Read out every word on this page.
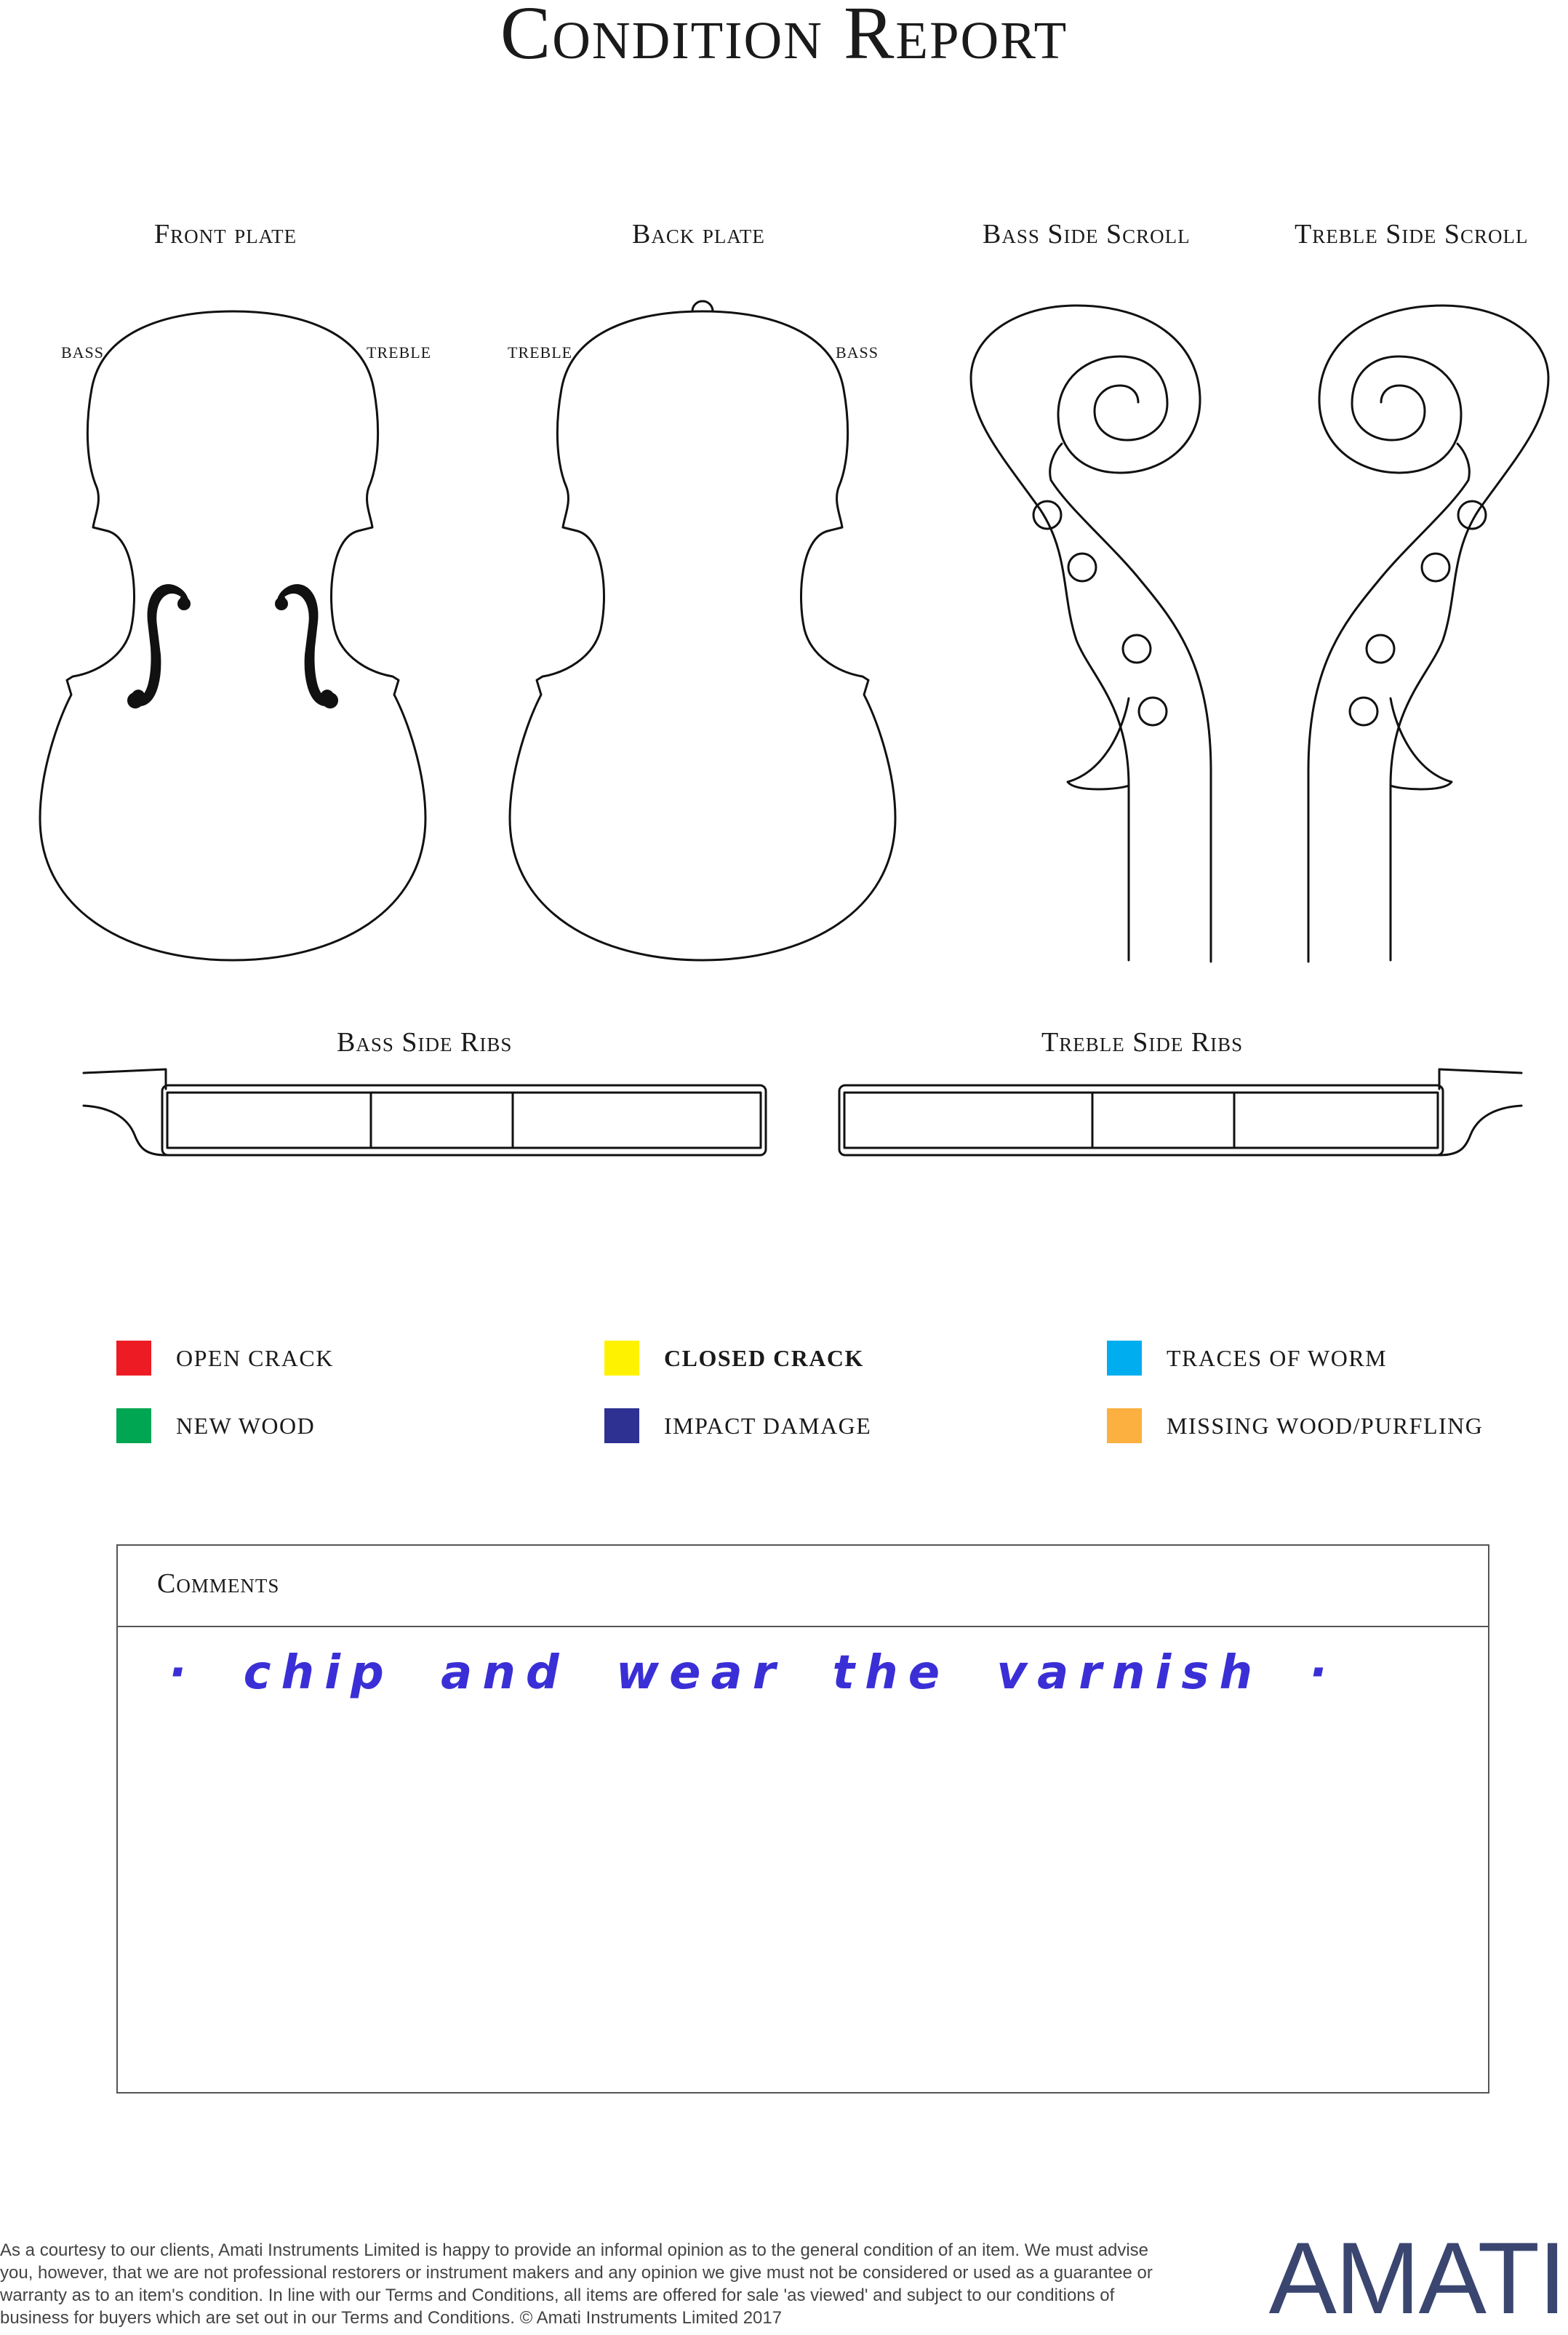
Condition Report
Front plate	Back plate	Bass Side Scroll	Treble Side Scroll
Bass Side Ribs	Treble Side Ribs
BASS	TREBLE	TREBLE	BASS
OPEN CRACK	CLOSED CRACK	TRACES OF WORM
NEW WOOD	IMPACT DAMAGE	MISSING WOOD/PURFLING
Comments
· chip and wear the varnish ·
As a courtesy to our clients, Amati Instruments Limited is happy to provide an informal opinion as to the general condition of an item. We must advise you, however, that we are not professional restorers or instrument makers and any opinion we give must not be considered or used as a guarantee or warranty as to an item's condition. In line with our Terms and Conditions, all items are offered for sale 'as viewed' and subject to our conditions of business for buyers which are set out in our Terms and Conditions. © Amati Instruments Limited 2017	AMATI
